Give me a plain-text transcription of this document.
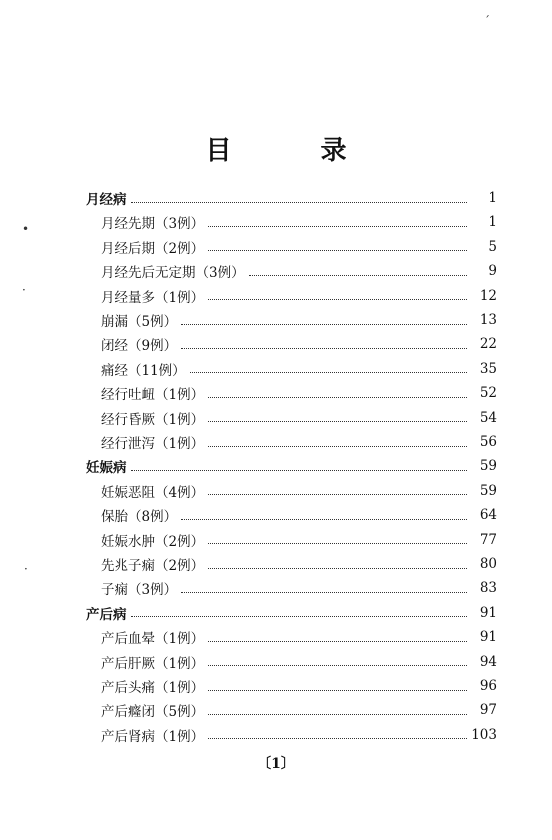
目 录
月经病	1
月经先期（3例）	1
月经后期（2例）	5
月经先后无定期（3例）	9
月经量多（1例）	12
崩漏（5例）	13
闭经（9例）	22
痛经（11例）	35
经行吐衄（1例）	52
经行昏厥（1例）	54
经行泄泻（1例）	56
妊娠病	59
妊娠恶阻（4例）	59
保胎（8例）	64
妊娠水肿（2例）	77
先兆子痫（2例）	80
子痫（3例）	83
产后病	91
产后血晕（1例）	91
产后肝厥（1例）	94
产后头痛（1例）	96
产后癃闭（5例）	97
产后肾病（1例）	103
〔1〕
ˊ
•
·
·
